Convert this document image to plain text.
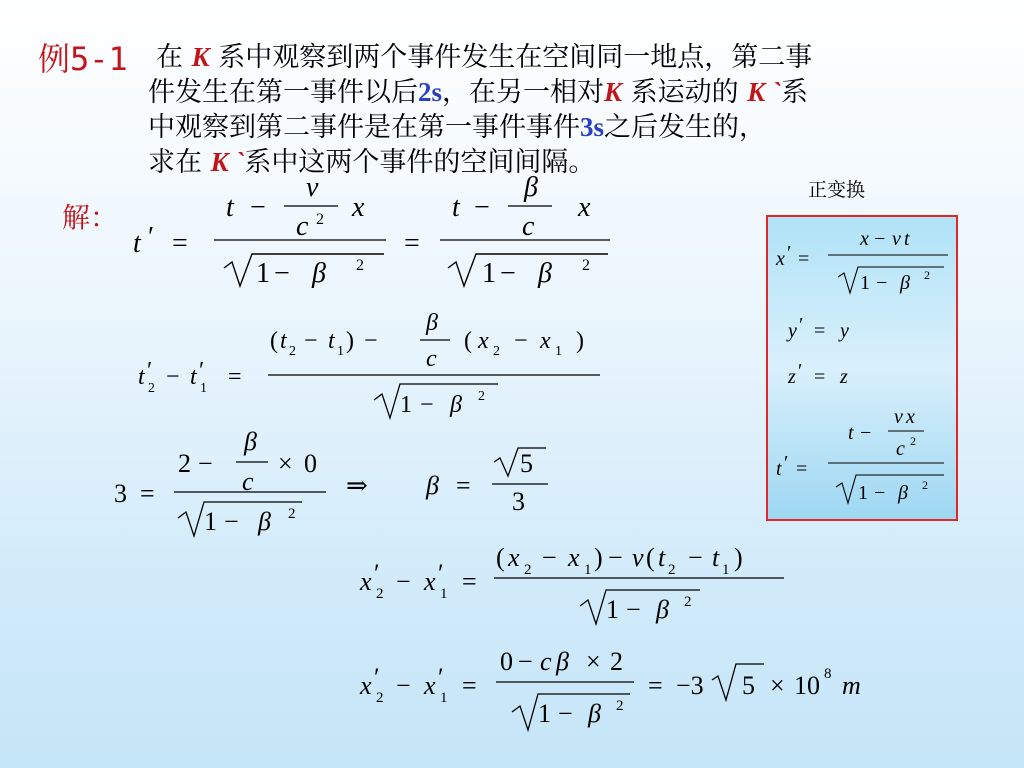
例5-1 在 K 系中观察到两个事件发生在空间同一地点，第二事
件发生在第一事件以后2s，在另一相对K 系运动的 K `系
中观察到第二事件是在第一事件事件3s之后发生的，
求在 K `系中这两个事件的空间间隔。
解：
t ′ =
t −
v
c 2 x
1 − β 2
=
t −
β
c
x
1 − β 2
t ′
2 − t ′
1 =
( t 2 − t 1 ) −
β
c
( x 2 − x 1 )
1 − β 2
3 =
2 −
β
c
× 0
1 − β 2
⇒ β =
5
3
x ′
2 − x ′
1 =
( x 2 − x 1 ) − v ( t 2 − t 1 )
1 − β 2
x ′
2 − x ′
1 =
0 − c β × 2
1 − β 2
= −3 5 × 10 8 m
正变换
x ′ =
x − v t
1 − β 2
y ′ = y
z ′ = z
t ′ =
t −
v x
c 2
1 − β 2
